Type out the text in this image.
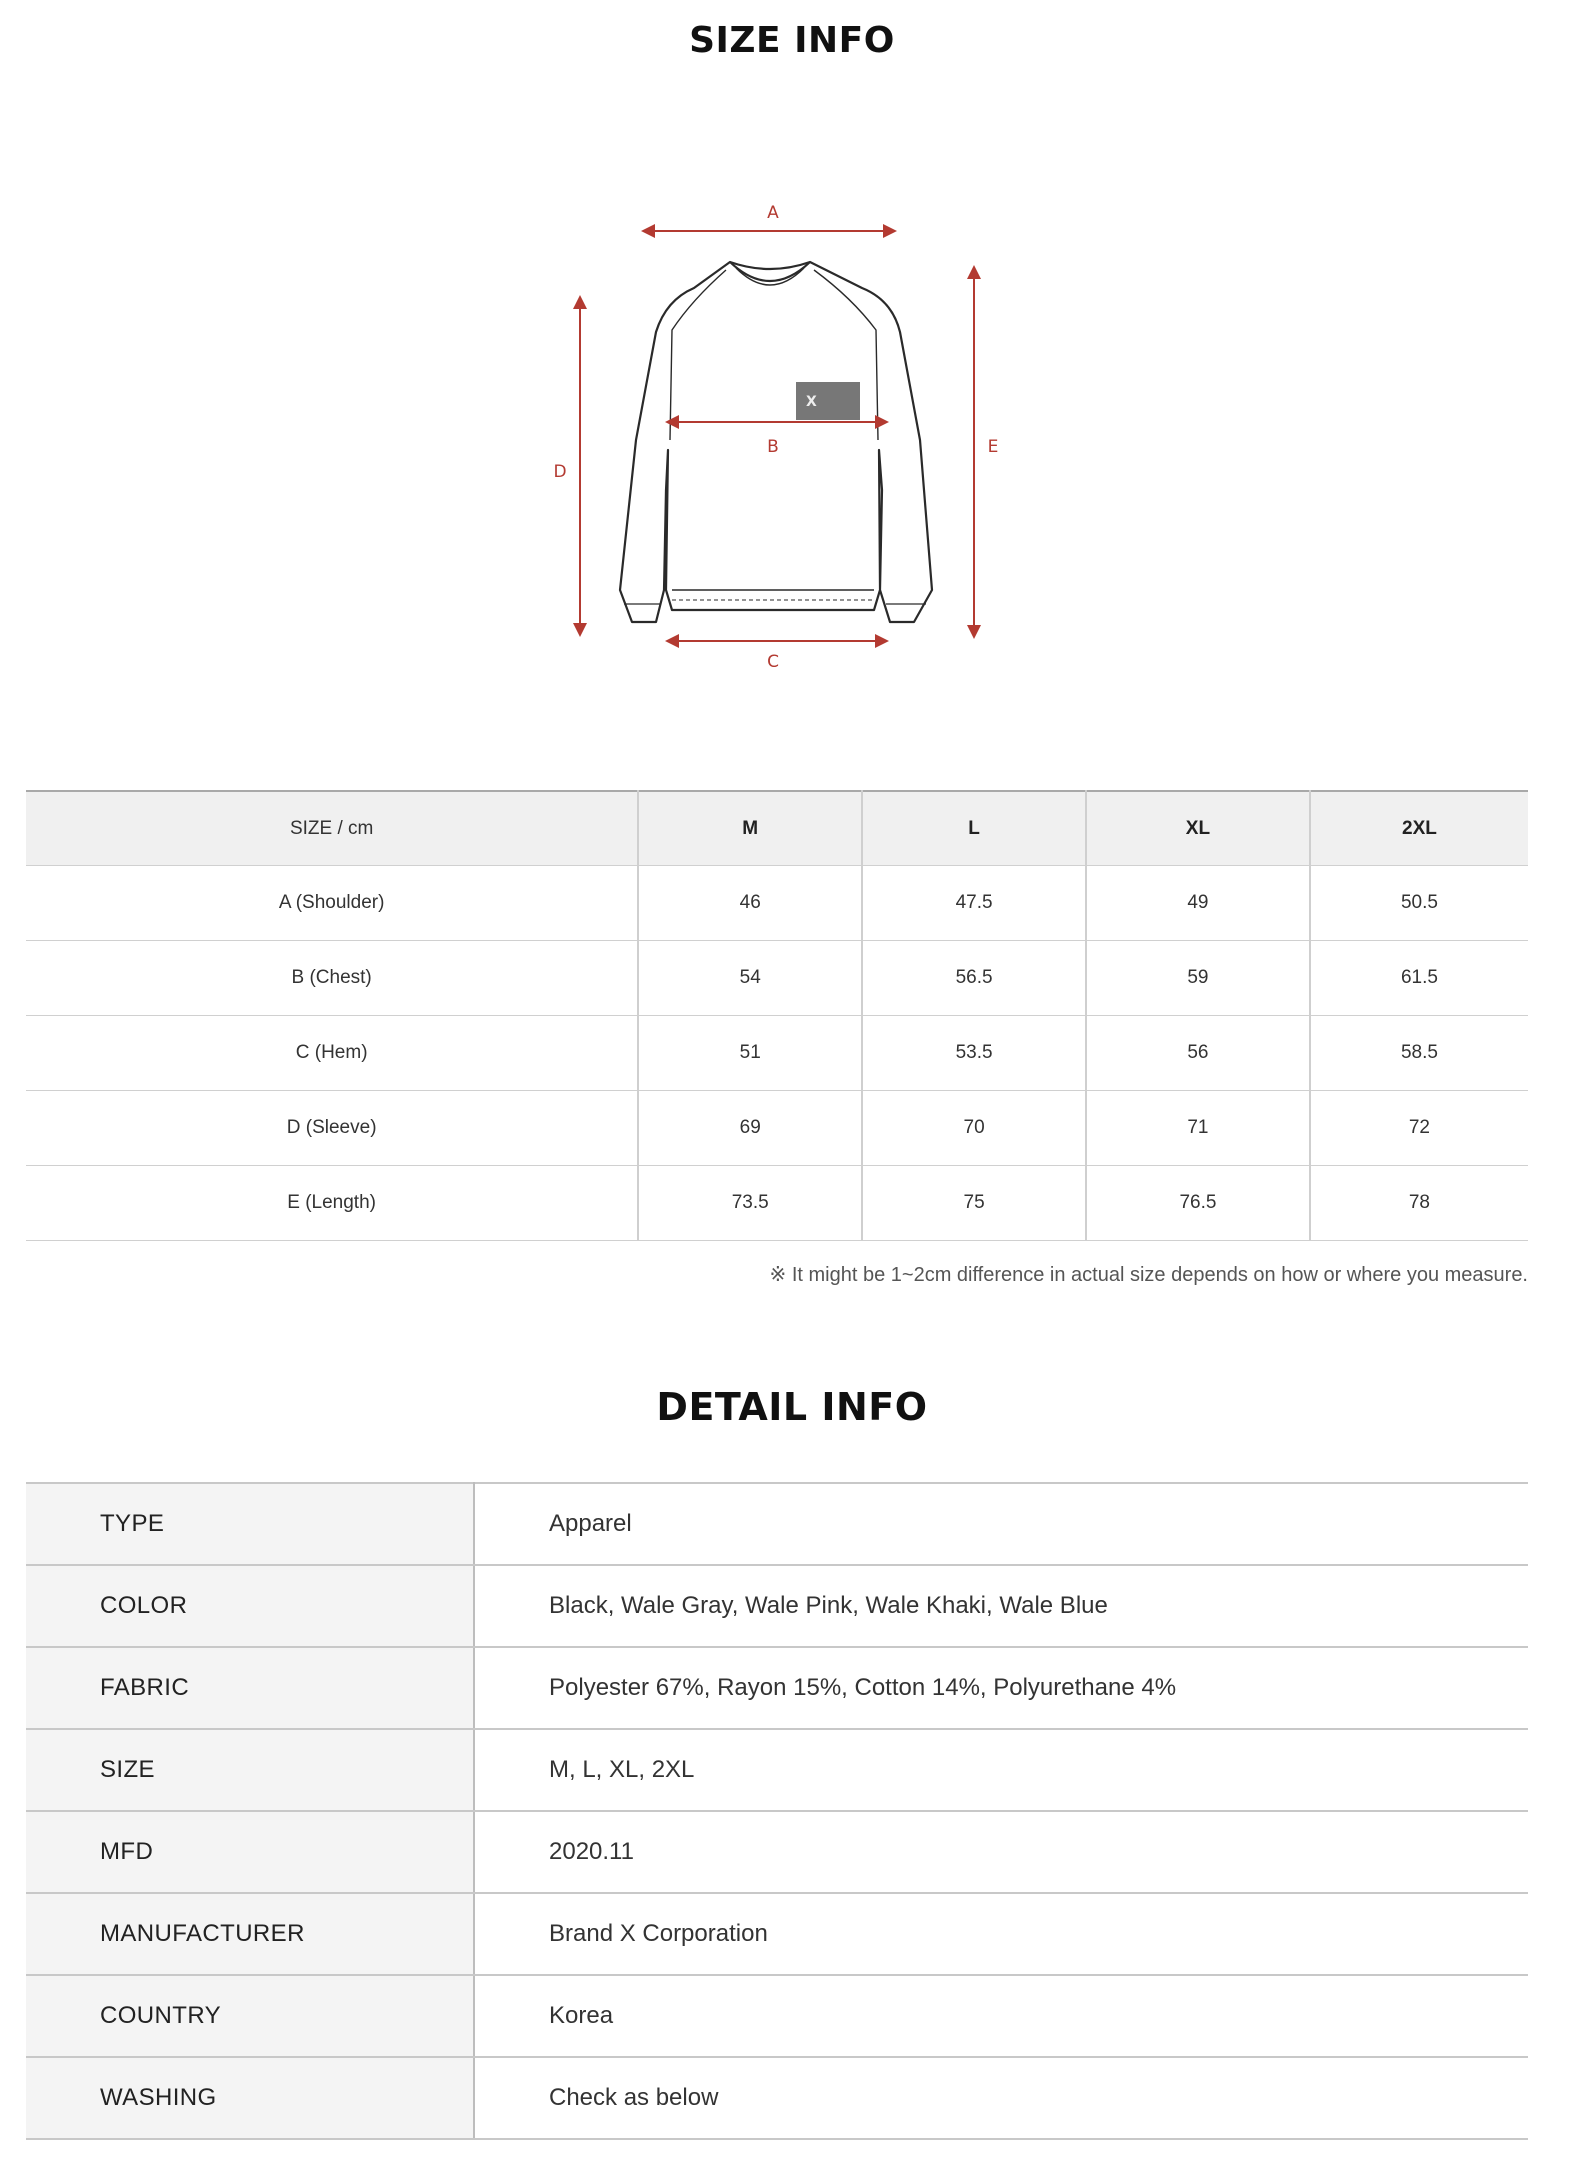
SIZE INFO
X
A
B
C
D
E
SIZE / cm	M	L	XL	2XL
A (Shoulder)	46	47.5	49	50.5
B (Chest)	54	56.5	59	61.5
C (Hem)	51	53.5	56	58.5
D (Sleeve)	69	70	71	72
E (Length)	73.5	75	76.5	78
※ It might be 1~2cm difference in actual size depends on how or where you measure.
DETAIL INFO
TYPE	Apparel
COLOR	Black, Wale Gray, Wale Pink, Wale Khaki, Wale Blue
FABRIC	Polyester 67%, Rayon 15%, Cotton 14%, Polyurethane 4%
SIZE	M, L, XL, 2XL
MFD	2020.11
MANUFACTURER	Brand X Corporation
COUNTRY	Korea
WASHING	Check as below
